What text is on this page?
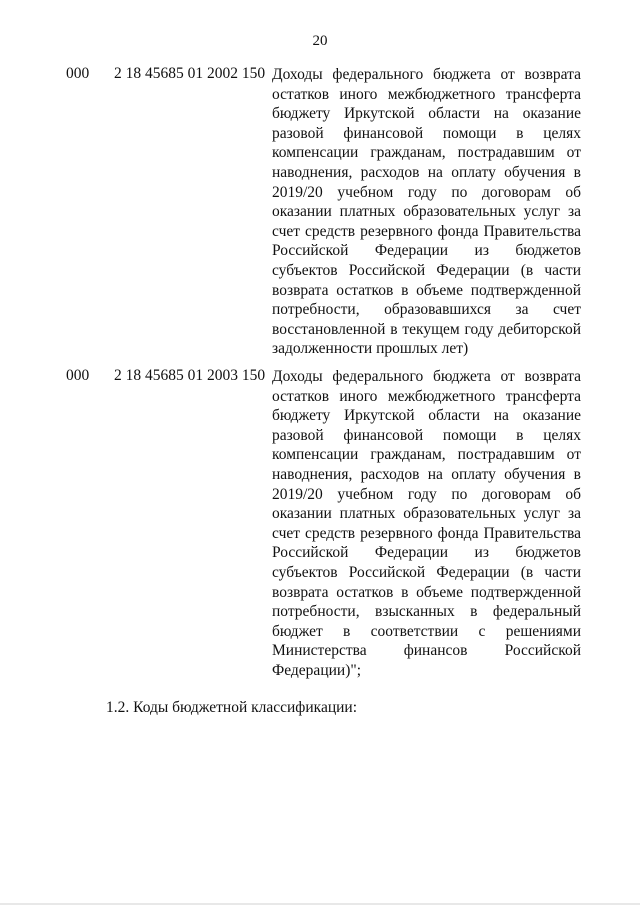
20
000 2 18 45685 01 2002 150 Доходы федерального бюджета от возврата
остатков иного межбюджетного трансферта
бюджету Иркутской области на оказание
разовой финансовой помощи в целях
компенсации гражданам, пострадавшим от
наводнения, расходов на оплату обучения в
2019/20 учебном году по договорам об
оказании платных образовательных услуг за
счет средств резервного фонда Правительства
Российской Федерации из бюджетов
субъектов Российской Федерации (в части
возврата остатков в объеме подтвержденной
потребности, образовавшихся за счет
восстановленной в текущем году дебиторской
задолженности прошлых лет)
000 2 18 45685 01 2003 150 Доходы федерального бюджета от возврата
остатков иного межбюджетного трансферта
бюджету Иркутской области на оказание
разовой финансовой помощи в целях
компенсации гражданам, пострадавшим от
наводнения, расходов на оплату обучения в
2019/20 учебном году по договорам об
оказании платных образовательных услуг за
счет средств резервного фонда Правительства
Российской Федерации из бюджетов
субъектов Российской Федерации (в части
возврата остатков в объеме подтвержденной
потребности, взысканных в федеральный
бюджет в соответствии с решениями
Министерства финансов Российской
Федерации)";
1.2. Коды бюджетной классификации:
